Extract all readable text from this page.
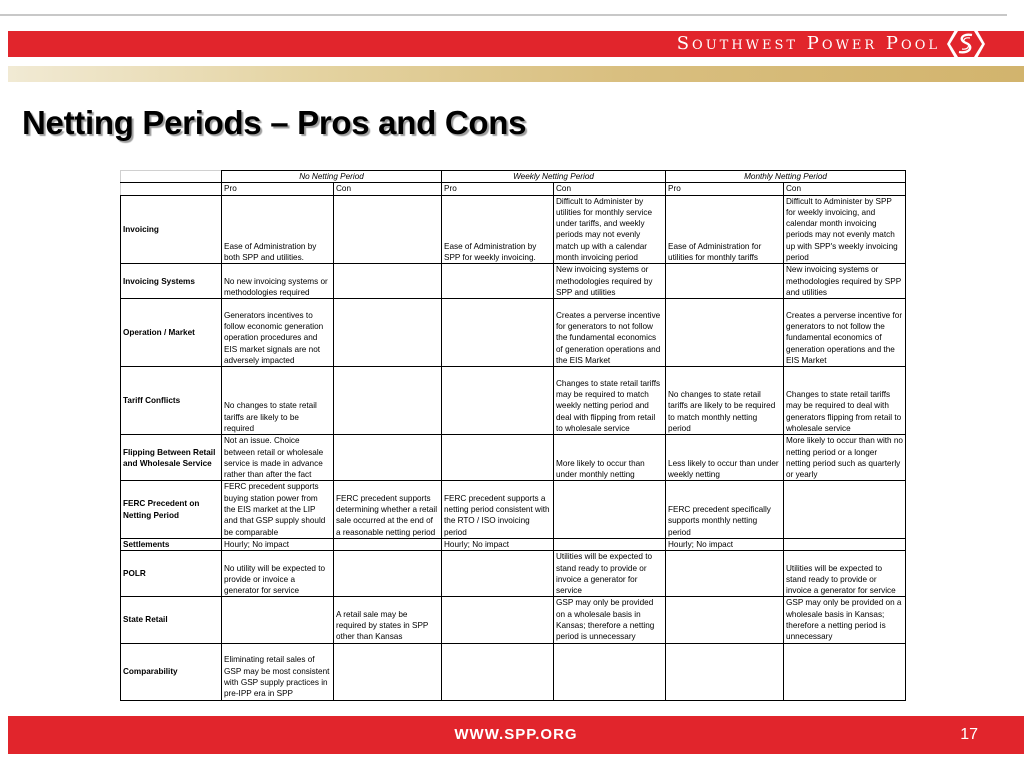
Southwest Power Pool
Netting Periods – Pros and Cons
	No Netting Period		Weekly Netting Period		Monthly Netting Period	
	Pro	Con	Pro	Con	Pro	Con
Invoicing	Ease of Administration by both SPP and utilities.		Ease of Administration by SPP for weekly invoicing.	Difficult to Administer by utilities for monthly service under tariffs, and weekly periods may not evenly match up with a calendar month invoicing period	Ease of Administration for utilities for monthly tariffs	Difficult to Administer by SPP for weekly invoicing, and calendar month invoicing periods may not evenly match up with SPP's weekly invoicing period
Invoicing Systems	No new invoicing systems or methodologies required			New invoicing systems or methodologies required by SPP and utilities		New invoicing systems or methodologies required by SPP and utilities
Operation / Market	Generators incentives to follow economic generation operation procedures and EIS market signals are not adversely impacted			Creates a perverse incentive for generators to not follow the fundamental economics of generation operations and the EIS Market		Creates a perverse incentive for generators to not follow the fundamental economics of generation operations and the EIS Market
Tariff Conflicts	No changes to state retail tariffs are likely to be required			Changes to state retail tariffs may be required to match weekly netting period and deal with flipping from retail to wholesale service	No changes to state retail tariffs are likely to be required to match monthly netting period	Changes to state retail tariffs may be required to deal with generators flipping from retail to wholesale service
Flipping Between Retail and Wholesale Service	Not an issue. Choice between retail or wholesale service is made in advance rather than after the fact			More likely to occur than under monthly netting	Less likely to occur than under weekly netting	More likely to occur than with no netting period or a longer netting period such as quarterly or yearly
FERC Precedent on Netting Period	FERC precedent supports buying station power from the EIS market at the LIP and that GSP supply should be comparable	FERC precedent supports determining whether a retail sale occurred at the end of a reasonable netting period	FERC precedent supports a netting period consistent with the RTO / ISO invoicing period		FERC precedent specifically supports monthly netting period	
Settlements	Hourly; No impact		Hourly; No impact		Hourly; No impact	
POLR	No utility will be expected to provide or invoice a generator for service			Utilities will be expected to stand ready to provide or invoice a generator for service		Utilities will be expected to stand ready to provide or invoice a generator for service
State Retail		A retail sale may be required by states in SPP other than Kansas		GSP may only be provided on a wholesale basis in Kansas; therefore a netting period is unnecessary		GSP may only be provided on a wholesale basis in Kansas; therefore a netting period is unnecessary
Comparability	Eliminating retail sales of GSP may be most consistent with GSP supply practices in pre-IPP era in SPP					
WWW.SPP.ORG	17
